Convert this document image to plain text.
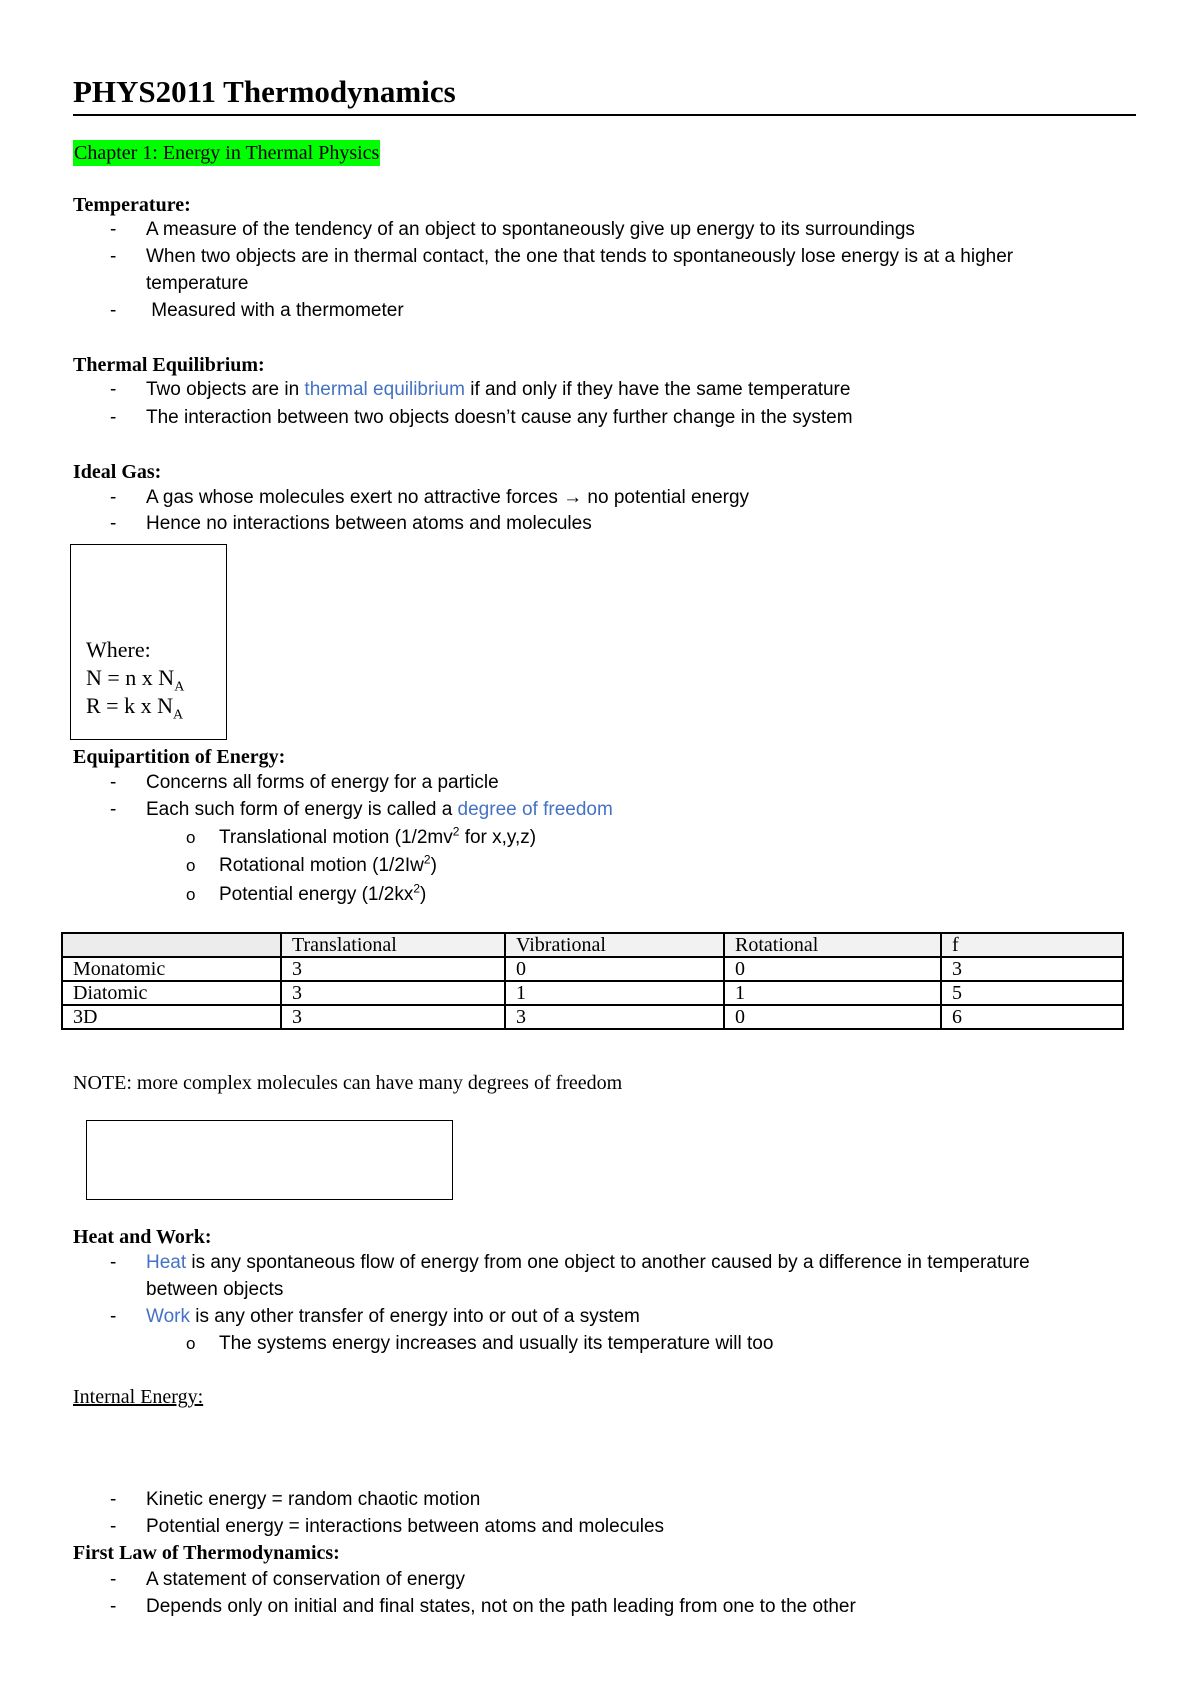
PHYS2011 Thermodynamics
Chapter 1: Energy in Thermal Physics
Temperature:
- A measure of the tendency of an object to spontaneously give up energy to its surroundings
- When two objects are in thermal contact, the one that tends to spontaneously lose energy is at a higher
temperature
- Measured with a thermometer
Thermal Equilibrium:
- Two objects are in thermal equilibrium if and only if they have the same temperature
- The interaction between two objects doesn’t cause any further change in the system
Ideal Gas:
- A gas whose molecules exert no attractive forces → no potential energy
- Hence no interactions between atoms and molecules
Where:
N = n x $N_A$
R = k x $N_A$
Equipartition of Energy:
- Concerns all forms of energy for a particle
- Each such form of energy is called a degree of freedom
o Translational motion ($1/2mv^2$ for x,y,z)
o Rotational motion (1/2Iw$^2$)
o Potential energy $(1/2kx^2)$
	Translational	Vibrational	Rotational	f
Monatomic	3	0	0	3
Diatomic	3	1	1	5
3D	3	3	0	6
NOTE: more complex molecules can have many degrees of freedom
Heat and Work:
- Heat is any spontaneous flow of energy from one object to another caused by a difference in temperature
between objects
- Work is any other transfer of energy into or out of a system
o The systems energy increases and usually its temperature will too
Internal Energy:
- Kinetic energy = random chaotic motion
- Potential energy = interactions between atoms and molecules
First Law of Thermodynamics:
- A statement of conservation of energy
- Depends only on initial and final states, not on the path leading from one to the other
